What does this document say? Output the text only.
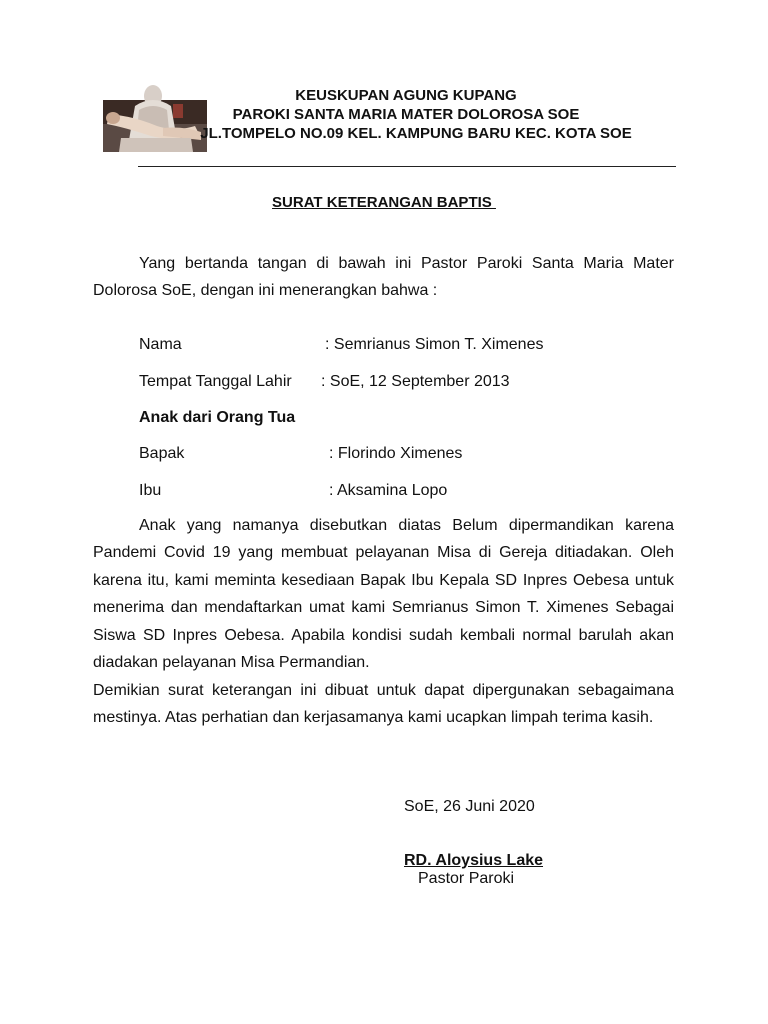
KEUSKUPAN AGUNG KUPANG
PAROKI SANTA MARIA MATER DOLOROSA SOE
JL.TOMPELO NO.09 KEL. KAMPUNG BARU KEC. KOTA SOE
SURAT KETERANGAN BAPTIS
Yang bertanda tangan di bawah ini Pastor Paroki Santa Maria Mater Dolorosa SoE, dengan ini menerangkan bahwa :
Nama	: Semrianus Simon T. Ximenes
Tempat Tanggal Lahir : SoE, 12 September 2013
Anak dari Orang Tua
Bapak	: Florindo Ximenes
Ibu	: Aksamina Lopo
Anak yang namanya disebutkan diatas Belum dipermandikan karena Pandemi Covid 19 yang membuat pelayanan Misa di Gereja ditiadakan. Oleh karena itu, kami meminta kesediaan Bapak Ibu Kepala SD Inpres Oebesa untuk menerima dan mendaftarkan umat kami Semrianus Simon T. Ximenes Sebagai Siswa SD Inpres Oebesa. Apabila kondisi sudah kembali normal barulah akan diadakan pelayanan Misa Permandian.
Demikian surat keterangan ini dibuat untuk dapat dipergunakan sebagaimana mestinya. Atas perhatian dan kerjasamanya kami ucapkan limpah terima kasih.
SoE, 26 Juni 2020
RD. Aloysius Lake
Pastor Paroki
